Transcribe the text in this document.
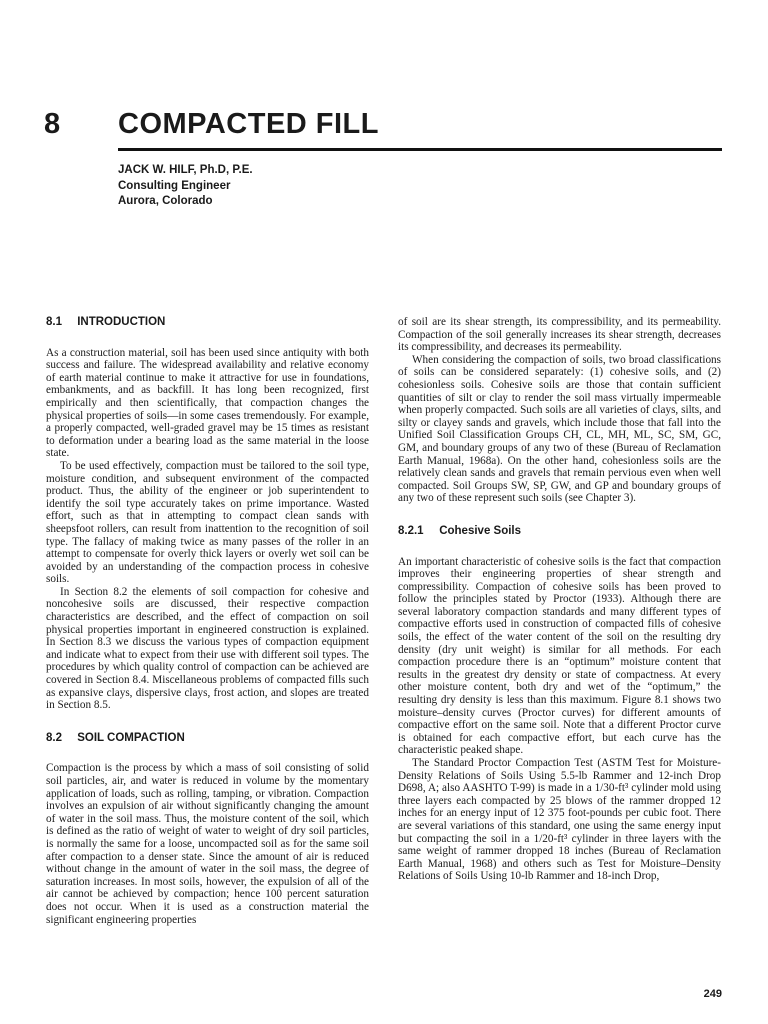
8 COMPACTED FILL
JACK W. HILF, Ph.D, P.E.
Consulting Engineer
Aurora, Colorado
8.1 INTRODUCTION

As a construction material, soil has been used since antiquity with both success and failure. The widespread availability and relative economy of earth material continue to make it attractive for use in foundations, embankments, and as backfill. It has long been recognized, first empirically and then scientifically, that compaction changes the physical properties of soils—in some cases tremendously. For example, a properly compacted, well-graded gravel may be 15 times as resistant to deformation under a bearing load as the same material in the loose state.

To be used effectively, compaction must be tailored to the soil type, moisture condition, and subsequent environment of the compacted product. Thus, the ability of the engineer or job superintendent to identify the soil type accurately takes on prime importance. Wasted effort, such as that in attempting to compact clean sands with sheepsfoot rollers, can result from inattention to the recognition of soil type. The fallacy of making twice as many passes of the roller in an attempt to compensate for overly thick layers or overly wet soil can be avoided by an understanding of the compaction process in cohesive soils.

In Section 8.2 the elements of soil compaction for cohesive and noncohesive soils are discussed, their respective compaction characteristics are described, and the effect of compaction on soil physical properties important in engineered construction is explained. In Section 8.3 we discuss the various types of compaction equipment and indicate what to expect from their use with different soil types. The procedures by which quality control of compaction can be achieved are covered in Section 8.4. Miscellaneous problems of compacted fills such as expansive clays, dispersive clays, frost action, and slopes are treated in Section 8.5.

8.2 SOIL COMPACTION

Compaction is the process by which a mass of soil consisting of solid soil particles, air, and water is reduced in volume by the momentary application of loads, such as rolling, tamping, or vibration. Compaction involves an expulsion of air without significantly changing the amount of water in the soil mass. Thus, the moisture content of the soil, which is defined as the ratio of weight of water to weight of dry soil particles, is normally the same for a loose, uncompacted soil as for the same soil after compaction to a denser state. Since the amount of air is reduced without change in the amount of water in the soil mass, the degree of saturation increases. In most soils, however, the expulsion of all of the air cannot be achieved by compaction; hence 100 percent saturation does not occur. When it is used as a construction material the significant engineering properties

of soil are its shear strength, its compressibility, and its permeability. Compaction of the soil generally increases its shear strength, decreases its compressibility, and decreases its permeability.

When considering the compaction of soils, two broad classifications of soils can be considered separately: (1) cohesive soils, and (2) cohesionless soils. Cohesive soils are those that contain sufficient quantities of silt or clay to render the soil mass virtually impermeable when properly compacted. Such soils are all varieties of clays, silts, and silty or clayey sands and gravels, which include those that fall into the Unified Soil Classification Groups CH, CL, MH, ML, SC, SM, GC, GM, and boundary groups of any two of these (Bureau of Reclamation Earth Manual, 1968a). On the other hand, cohesionless soils are the relatively clean sands and gravels that remain pervious even when well compacted. Soil Groups SW, SP, GW, and GP and boundary groups of any two of these represent such soils (see Chapter 3).

8.2.1 Cohesive Soils

An important characteristic of cohesive soils is the fact that compaction improves their engineering properties of shear strength and compressibility. Compaction of cohesive soils has been proved to follow the principles stated by Proctor (1933). Although there are several laboratory compaction standards and many different types of compactive efforts used in construction of compacted fills of cohesive soils, the effect of the water content of the soil on the resulting dry density (dry unit weight) is similar for all methods. For each compaction procedure there is an “optimum” moisture content that results in the greatest dry density or state of compactness. At every other moisture content, both dry and wet of the “optimum,” the resulting dry density is less than this maximum. Figure 8.1 shows two moisture–density curves (Proctor curves) for different amounts of compactive effort on the same soil. Note that a different Proctor curve is obtained for each compactive effort, but each curve has the characteristic peaked shape.

The Standard Proctor Compaction Test (ASTM Test for Moisture-Density Relations of Soils Using 5.5-lb Rammer and 12-inch Drop D698, A; also AASHTO T-99) is made in a 1/30-ft³ cylinder mold using three layers each compacted by 25 blows of the rammer dropped 12 inches for an energy input of 12 375 foot-pounds per cubic foot. There are several variations of this standard, one using the same energy input but compacting the soil in a 1/20-ft³ cylinder in three layers with the same weight of rammer dropped 18 inches (Bureau of Reclamation Earth Manual, 1968) and others such as Test for Moisture–Density Relations of Soils Using 10-lb Rammer and 18-inch Drop,

249
